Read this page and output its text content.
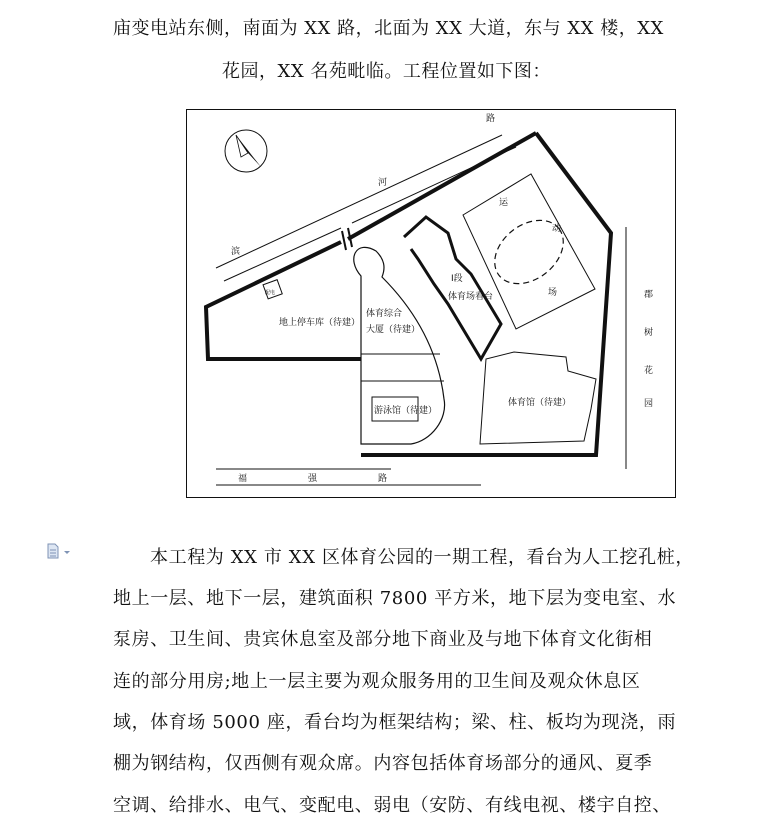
庙变电站东侧，南面为 XX 路，北面为 XX 大道，东与 XX 楼，XX
花园，XX 名苑毗临。工程位置如下图：
路
河
滨
配电
地上停车库（待建）
体育综合
大厦（待建）
游泳馆（待建）
Ⅰ段
体育场看台
运
动
场
体育馆（待建）
郡
树
花
园
福	强	路
本工程为 XX 市 XX 区体育公园的一期工程，看台为人工挖孔桩，
地上一层、地下一层，建筑面积 7800 平方米，地下层为变电室、水
泵房、卫生间、贵宾休息室及部分地下商业及与地下体育文化街相
连的部分用房;地上一层主要为观众服务用的卫生间及观众休息区
域，体育场 5000 座，看台均为框架结构；梁、柱、板均为现浇，雨
棚为钢结构，仅西侧有观众席。内容包括体育场部分的通风、夏季
空调、给排水、电气、变配电、弱电（安防、有线电视、楼宇自控、
